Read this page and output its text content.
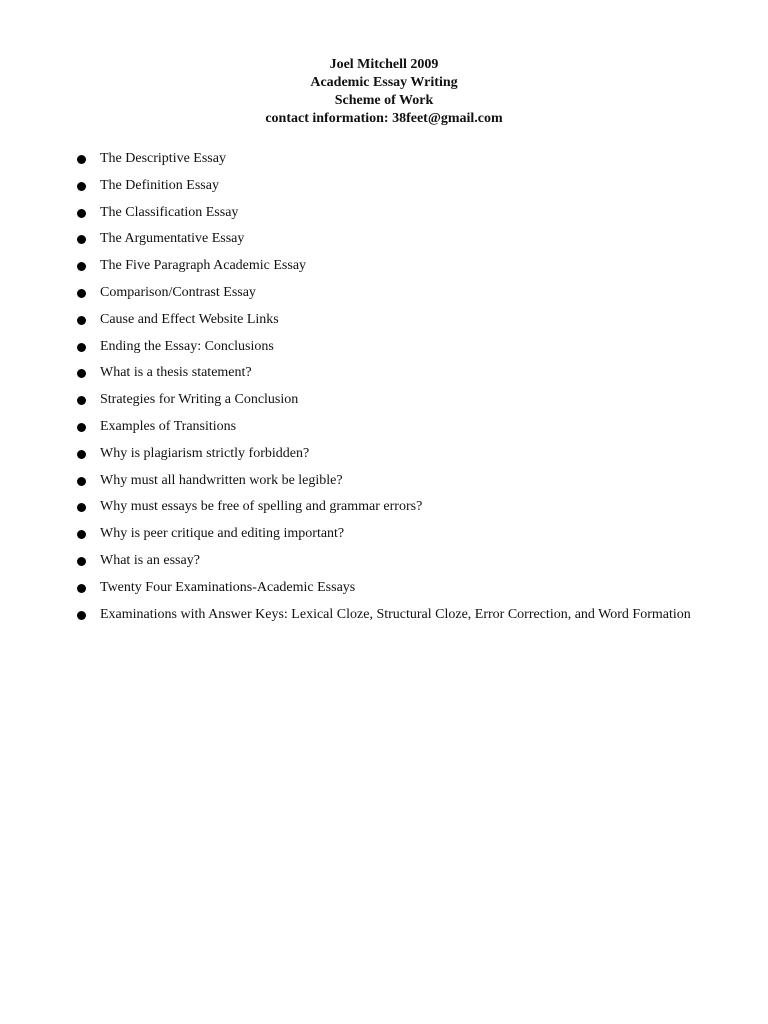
Joel Mitchell 2009

Academic Essay Writing

Scheme of Work

contact information: 38feet@gmail.com

The Descriptive Essay
The Definition Essay
The Classification Essay
The Argumentative Essay
The Five Paragraph Academic Essay
Comparison/Contrast Essay
Cause and Effect Website Links
Ending the Essay: Conclusions
What is a thesis statement?
Strategies for Writing a Conclusion
Examples of Transitions
Why is plagiarism strictly forbidden?
Why must all handwritten work be legible?
Why must essays be free of spelling and grammar errors?
Why is peer critique and editing important?
What is an essay?
Twenty Four Examinations-Academic Essays
Examinations with Answer Keys: Lexical Cloze, Structural Cloze, Error Correction, and Word Formation
